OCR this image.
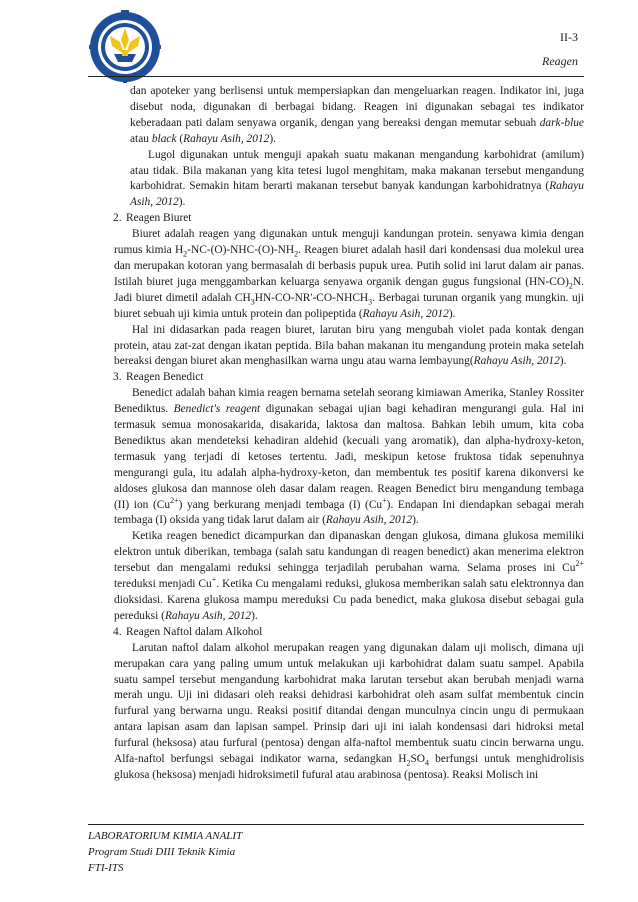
II-3
Reagen

dan apoteker yang berlisensi untuk mempersiapkan dan mengeluarkan reagen. Indikator ini, juga disebut noda, digunakan di berbagai bidang. Reagen ini digunakan sebagai tes indikator keberadaan pati dalam senyawa organik, dengan yang bereaksi dengan memutar sebuah dark-blue atau black (Rahayu Asih, 2012).

Lugol digunakan untuk menguji apakah suatu makanan mengandung karbohidrat (amilum) atau tidak. Bila makanan yang kita tetesi lugol menghitam, maka makanan tersebut mengandung karbohidrat. Semakin hitam berarti makanan tersebut banyak kandungan karbohidratnya (Rahayu Asih, 2012).

2. Reagen Biuret

Biuret adalah reagen yang digunakan untuk menguji kandungan protein. senyawa kimia dengan rumus kimia $H_2-NC-(O)-NHC-(O)-NH_2$. Reagen biuret adalah hasil dari kondensasi dua molekul urea dan merupakan kotoran yang bermasalah di berbasis pupuk urea. Putih solid ini larut dalam air panas. Istilah biuret juga menggambarkan keluarga senyawa organik dengan gugus fungsional $(HN-CO)_2N$. Jadi biuret dimetil adalah $CH_3HN-CO-NR'-CO-NHCH_3$. Berbagai turunan organik yang mungkin. uji biuret sebuah uji kimia untuk protein dan polipeptida (Rahayu Asih, 2012).

Hal ini didasarkan pada reagen biuret, larutan biru yang mengubah violet pada kontak dengan protein, atau zat-zat dengan ikatan peptida. Bila bahan makanan itu mengandung protein maka setelah bereaksi dengan biuret akan menghasilkan warna ungu atau warna lembayung(Rahayu Asih, 2012).

3. Reagen Benedict

Benedict adalah bahan kimia reagen bernama setelah seorang kimiawan Amerika, Stanley Rossiter Benediktus. Benedict's reagent digunakan sebagai ujian bagi kehadiran mengurangi gula. Hal ini termasuk semua monosakarida, disakarida, laktosa dan maltosa. Bahkan lebih umum, kita coba Benediktus akan mendeteksi kehadiran aldehid (kecuali yang aromatik), dan alpha-hydroxy-keton, termasuk yang terjadi di ketoses tertentu. Jadi, meskipun ketose fruktosa tidak sepenuhnya mengurangi gula, itu adalah alpha-hydroxy-keton, dan membentuk tes positif karena dikonversi ke aldoses glukosa dan mannose oleh dasar dalam reagen. Reagen Benedict biru mengandung tembaga (II) ion $(Cu^{2+})$ yang berkurang menjadi tembaga (I) (Cu+). Endapan Ini diendapkan sebagai merah tembaga (I) oksida yang tidak larut dalam air (Rahayu Asih, 2012).

Ketika reagen benedict dicampurkan dan dipanaskan dengan glukosa, dimana glukosa memiliki elektron untuk diberikan, tembaga (salah satu kandungan di reagen benedict) akan menerima elektron tersebut dan mengalami reduksi sehingga terjadilah perubahan warna. Selama proses ini $Cu^{2+}$ tereduksi menjadi Cu+. Ketika Cu mengalami reduksi, glukosa memberikan salah satu elektronnya dan dioksidasi. Karena glukosa mampu mereduksi Cu pada benedict, maka glukosa disebut sebagai gula pereduksi (Rahayu Asih, 2012).

4. Reagen Naftol dalam Alkohol

Larutan naftol dalam alkohol merupakan reagen yang digunakan dalam uji molisch, dimana uji merupakan cara yang paling umum untuk melakukan uji karbohidrat dalam suatu sampel. Apabila suatu sampel tersebut mengandung karbohidrat maka larutan tersebut akan berubah menjadi warna merah ungu. Uji ini didasari oleh reaksi dehidrasi karbohidrat oleh asam sulfat membentuk cincin furfural yang berwarna ungu. Reaksi positif ditandai dengan munculnya cincin ungu di permukaan antara lapisan asam dan lapisan sampel. Prinsip dari uji ini ialah kondensasi dari hidroksi metal furfural (heksosa) atau furfural (pentosa) dengan alfa-naftol membentuk suatu cincin berwarna ungu. Alfa-naftol berfungsi sebagai indikator warna, sedangkan $H_2SO_4$ berfungsi untuk menghidrolisis glukosa (heksosa) menjadi hidroksimetil fufural atau arabinosa (pentosa). Reaksi Molisch ini

LABORATORIUM KIMIA ANALIT
Program Studi DIII Teknik Kimia
FTI-ITS
